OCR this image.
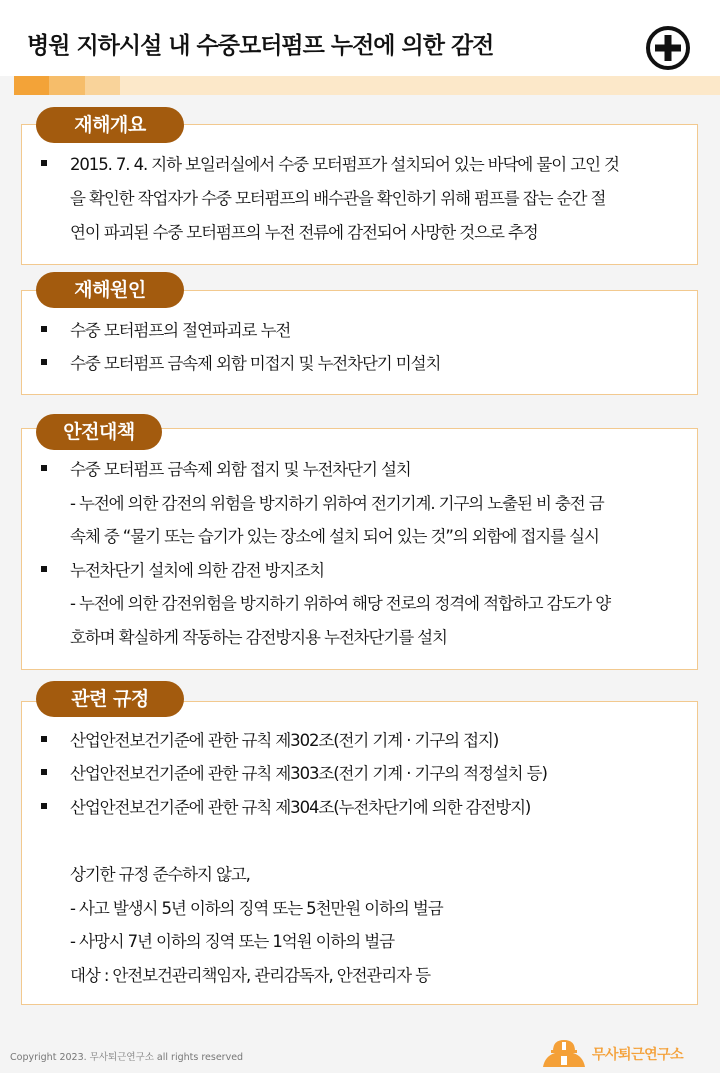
병원 지하시설 내 수중모터펌프 누전에 의한 감전
재해개요
2015. 7. 4. 지하 보일러실에서 수중 모터펌프가 설치되어 있는 바닥에 물이 고인 것
을 확인한 작업자가 수중 모터펌프의 배수관을 확인하기 위해 펌프를 잡는 순간 절
연이 파괴된 수중 모터펌프의 누전 전류에 감전되어 사망한 것으로 추정
재해원인
수중 모터펌프의 절연파괴로 누전
수중 모터펌프 금속제 외함 미접지 및 누전차단기 미설치
안전대책
수중 모터펌프 금속제 외함 접지 및 누전차단기 설치
- 누전에 의한 감전의 위험을 방지하기 위하여 전기기계. 기구의 노출된 비 충전 금
속체 중 “물기 또는 습기가 있는 장소에 설치 되어 있는 것”의 외함에 접지를 실시
누전차단기 설치에 의한 감전 방지조치
- 누전에 의한 감전위험을 방지하기 위하여 해당 전로의 정격에 적합하고 감도가 양
호하며 확실하게 작동하는 감전방지용 누전차단기를 설치
관련 규정
산업안전보건기준에 관한 규칙 제302조(전기 기계 · 기구의 접지)
산업안전보건기준에 관한 규칙 제303조(전기 기계 · 기구의 적정설치 등)
산업안전보건기준에 관한 규칙 제304조(누전차단기에 의한 감전방지)
상기한 규정 준수하지 않고,
- 사고 발생시 5년 이하의 징역 또는 5천만원 이하의 벌금
- 사망시 7년 이하의 징역 또는 1억원 이하의 벌금
대상 : 안전보건관리책임자, 관리감독자, 안전관리자 등
Copyright 2023. 무사퇴근연구소 all rights reserved	무사퇴근연구소
